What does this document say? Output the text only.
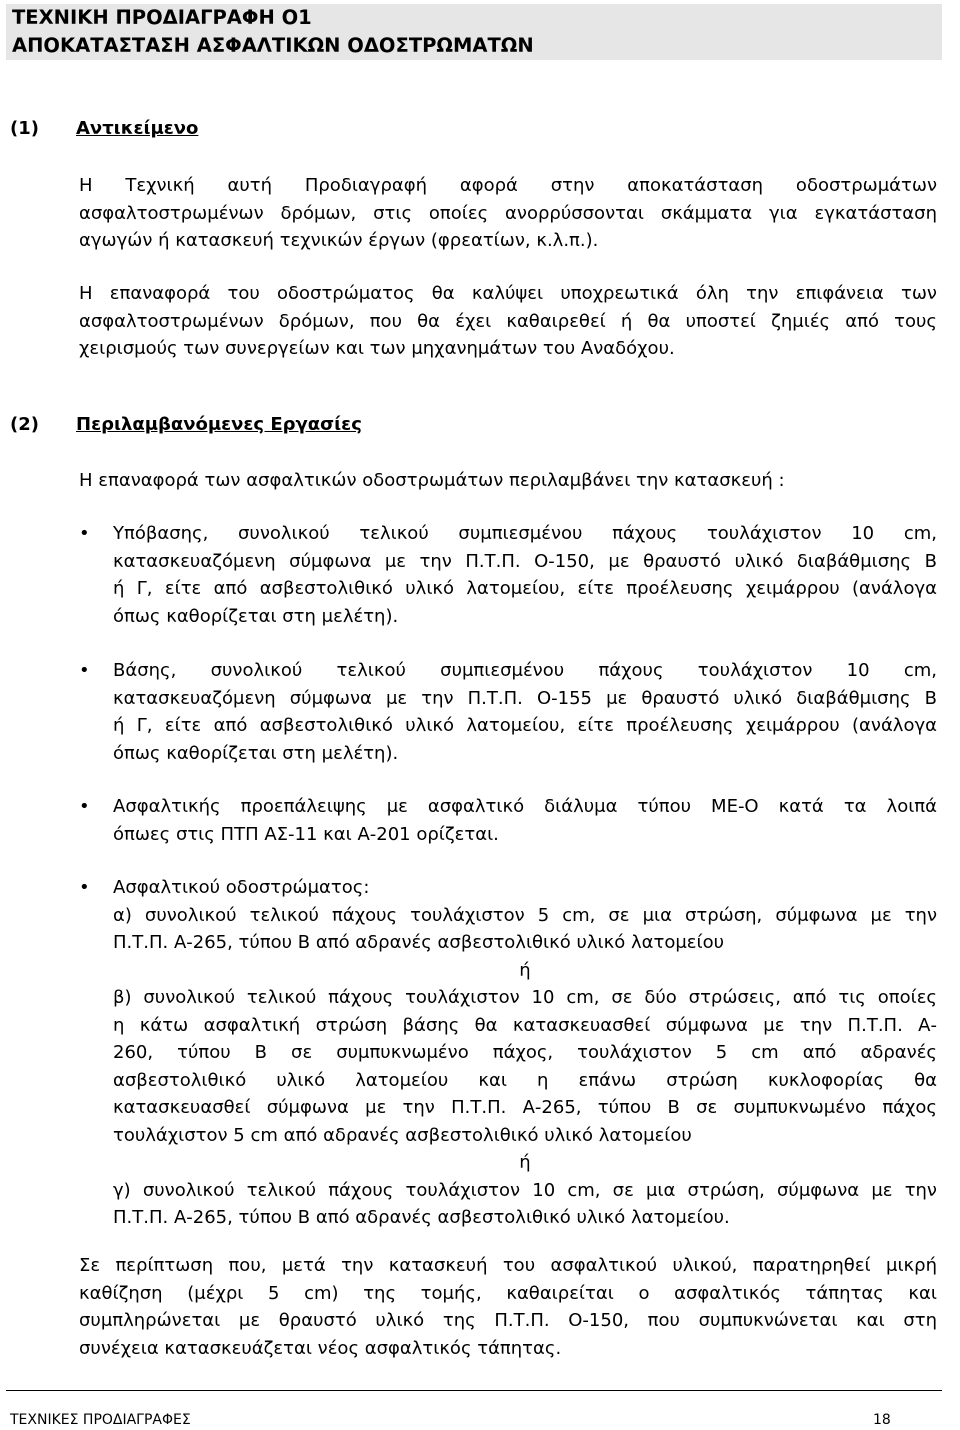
ΤΕΧΝΙΚΗ ΠΡΟΔΙΑΓΡΑΦΗ Ο1
ΑΠΟΚΑΤΑΣΤΑΣΗ ΑΣΦΑΛΤΙΚΩΝ ΟΔΟΣΤΡΩΜΑΤΩΝ
(1) Αντικείμενο
Η Τεχνική αυτή Προδιαγραφή αφορά στην αποκατάσταση οδοστρωμάτων
ασφαλτοστρωμένων δρόμων, στις οποίες ανορρύσσονται σκάμματα για εγκατάσταση
αγωγών ή κατασκευή τεχνικών έργων (φρεατίων, κ.λ.π.).
Η επαναφορά του οδοστρώματος θα καλύψει υποχρεωτικά όλη την επιφάνεια των
ασφαλτοστρωμένων δρόμων, που θα έχει καθαιρεθεί ή θα υποστεί ζημιές από τους
χειρισμούς των συνεργείων και των μηχανημάτων του Αναδόχου.
(2) Περιλαμβανόμενες Εργασίες
Η επαναφορά των ασφαλτικών οδοστρωμάτων περιλαμβάνει την κατασκευή :
• Υπόβασης, συνολικού τελικού συμπιεσμένου πάχους τουλάχιστον 10 cm,
κατασκευαζόμενη σύμφωνα με την Π.Τ.Π. Ο-150, με θραυστό υλικό διαβάθμισης Β
ή Γ, είτε από ασβεστολιθικό υλικό λατομείου, είτε προέλευσης χειμάρρου (ανάλογα
όπως καθορίζεται στη μελέτη).
• Βάσης, συνολικού τελικού συμπιεσμένου πάχους τουλάχιστον 10 cm,
κατασκευαζόμενη σύμφωνα με την Π.Τ.Π. Ο-155 με θραυστό υλικό διαβάθμισης Β
ή Γ, είτε από ασβεστολιθικό υλικό λατομείου, είτε προέλευσης χειμάρρου (ανάλογα
όπως καθορίζεται στη μελέτη).
• Ασφαλτικής προεπάλειψης με ασφαλτικό διάλυμα τύπου ΜΕ-Ο κατά τα λοιπά
όπωες στις ΠΤΠ ΑΣ-11 και Α-201 ορίζεται.
• Ασφαλτικού οδοστρώματος:
α) συνολικού τελικού πάχους τουλάχιστον 5 cm, σε μια στρώση, σύμφωνα με την
Π.Τ.Π. Α-265, τύπου Β από αδρανές ασβεστολιθικό υλικό λατομείου
ή
β) συνολικού τελικού πάχους τουλάχιστον 10 cm, σε δύο στρώσεις, από τις οποίες
η κάτω ασφαλτική στρώση βάσης θα κατασκευασθεί σύμφωνα με την Π.Τ.Π. Α-
260, τύπου Β σε συμπυκνωμένο πάχος, τουλάχιστον 5 cm από αδρανές
ασβεστολιθικό υλικό λατομείου και η επάνω στρώση κυκλοφορίας θα
κατασκευασθεί σύμφωνα με την Π.Τ.Π. Α-265, τύπου Β σε συμπυκνωμένο πάχος
τουλάχιστον 5 cm από αδρανές ασβεστολιθικό υλικό λατομείου
ή
γ) συνολικού τελικού πάχους τουλάχιστον 10 cm, σε μια στρώση, σύμφωνα με την
Π.Τ.Π. Α-265, τύπου Β από αδρανές ασβεστολιθικό υλικό λατομείου.
Σε περίπτωση που, μετά την κατασκευή του ασφαλτικού υλικού, παρατηρηθεί μικρή
καθίζηση (μέχρι 5 cm) της τομής, καθαιρείται ο ασφαλτικός τάπητας και
συμπληρώνεται με θραυστό υλικό της Π.Τ.Π. Ο-150, που συμπυκνώνεται και στη
συνέχεια κατασκευάζεται νέος ασφαλτικός τάπητας.
ΤΕΧΝΙΚΕΣ ΠΡΟΔΙΑΓΡΑΦΕΣ	18
